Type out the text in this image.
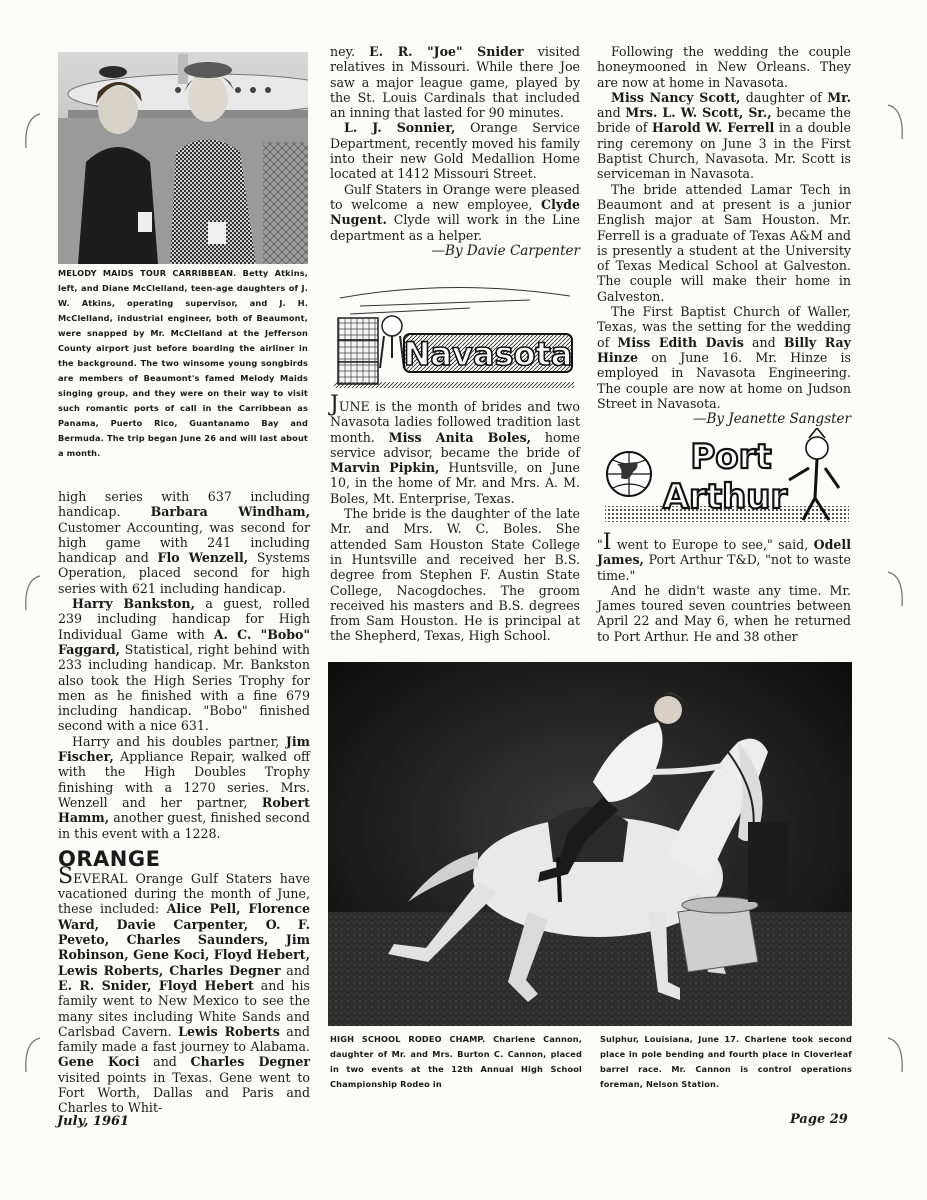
MELODY MAIDS TOUR CARRIBBEAN. Betty Atkins, left, and Diane McClelland, teen-age daughters of J. W. Atkins, operating supervisor, and J. H. McClelland, industrial engineer, both of Beaumont, were snapped by Mr. McClelland at the Jefferson County airport just before boarding the airliner in the background. The two winsome young songbirds are members of Beaumont's famed Melody Maids singing group, and they were on their way to visit such romantic ports of call in the Carribbean as Panama, Puerto Rico, Guantanamo Bay and Bermuda. The trip began June 26 and will last about a month.

high series with 637 including handicap. Barbara Windham, Customer Accounting, was second for high game with 241 including handicap and Flo Wenzell, Systems Operation, placed second for high series with 621 including handicap.

Harry Bankston, a guest, rolled 239 including handicap for High Individual Game with A. C. "Bobo" Faggard, Statistical, right behind with 233 including handicap. Mr. Bankston also took the High Series Trophy for men as he finished with a fine 679 including handicap. "Bobo" finished second with a nice 631.

Harry and his doubles partner, Jim Fischer, Appliance Repair, walked off with the High Doubles Trophy finishing with a 1270 series. Mrs. Wenzell and her partner, Robert Hamm, another guest, finished second in this event with a 1228.

ORANGE

SEVERAL Orange Gulf Staters have vacationed during the month of June, these included: Alice Pell, Florence Ward, Davie Carpenter, O. F. Peveto, Charles Saunders, Jim Robinson, Gene Koci, Floyd Hebert, Lewis Roberts, Charles Degner and E. R. Snider, Floyd Hebert and his family went to New Mexico to see the many sites including White Sands and Carlsbad Cavern. Lewis Roberts and family made a fast journey to Alabama. Gene Koci and Charles Degner visited points in Texas. Gene went to Fort Worth, Dallas and Paris and Charles to Whit-

ney. E. R. "Joe" Snider visited relatives in Missouri. While there Joe saw a major league game, played by the St. Louis Cardinals that included an inning that lasted for 90 minutes.

L. J. Sonnier, Orange Service Department, recently moved his family into their new Gold Medallion Home located at 1412 Missouri Street.

Gulf Staters in Orange were pleased to welcome a new employee, Clyde Nugent. Clyde will work in the Line department as a helper.

—By Davie Carpenter

Navasota

JUNE is the month of brides and two Navasota ladies followed tradition last month. Miss Anita Boles, home service advisor, became the bride of Marvin Pipkin, Huntsville, on June 10, in the home of Mr. and Mrs. A. M. Boles, Mt. Enterprise, Texas.

The bride is the daughter of the late Mr. and Mrs. W. C. Boles. She attended Sam Houston State College in Huntsville and received her B.S. degree from Stephen F. Austin State College, Nacogdoches. The groom received his masters and B.S. degrees from Sam Houston. He is principal at the Shepherd, Texas, High School.

Following the wedding the couple honeymooned in New Orleans. They are now at home in Navasota.

Miss Nancy Scott, daughter of Mr. and Mrs. L. W. Scott, Sr., became the bride of Harold W. Ferrell in a double ring ceremony on June 3 in the First Baptist Church, Navasota. Mr. Scott is serviceman in Navasota.

The bride attended Lamar Tech in Beaumont and at present is a junior English major at Sam Houston. Mr. Ferrell is a graduate of Texas A&M and is presently a student at the University of Texas Medical School at Galveston. The couple will make their home in Galveston.

The First Baptist Church of Waller, Texas, was the setting for the wedding of Miss Edith Davis and Billy Ray Hinze on June 16. Mr. Hinze is employed in Navasota Engineering. The couple are now at home on Judson Street in Navasota.

—By Jeanette Sangster

Port
Arthur

"I went to Europe to see," said, Odell James, Port Arthur T&D, "not to waste time."

And he didn't waste any time. Mr. James toured seven countries between April 22 and May 6, when he returned to Port Arthur. He and 38 other

HIGH SCHOOL RODEO CHAMP. Charlene Cannon, daughter of Mr. and Mrs. Burton C. Cannon, placed in two events at the 12th Annual High School Championship Rodeo in

Sulphur, Louisiana, June 17. Charlene took second place in pole bending and fourth place in Cloverleaf barrel race. Mr. Cannon is control operations foreman, Nelson Station.

July, 1961	Page 29
